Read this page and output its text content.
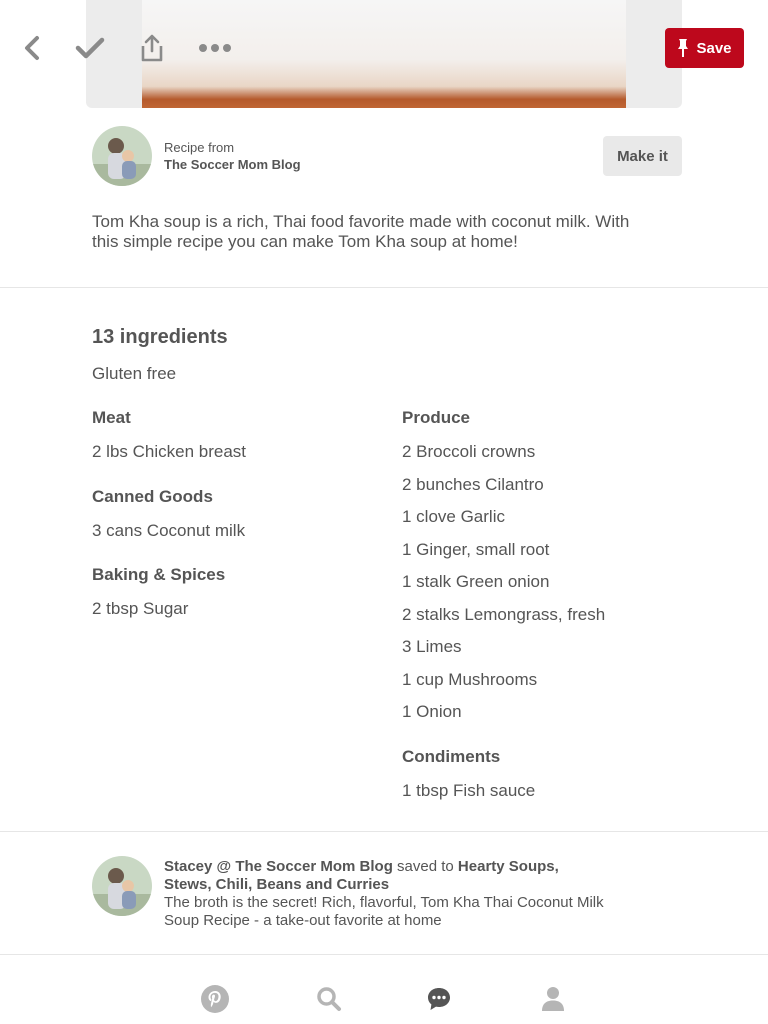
Save
Recipe from
The Soccer Mom Blog	Make it
Tom Kha soup is a rich, Thai food favorite made with coconut milk. With this simple recipe you can make Tom Kha soup at home!
13 ingredients
Gluten free
Meat
2 lbs Chicken breast
Canned Goods
3 cans Coconut milk
Baking & Spices
2 tbsp Sugar
Produce
2 Broccoli crowns
2 bunches Cilantro
1 clove Garlic
1 Ginger, small root
1 stalk Green onion
2 stalks Lemongrass, fresh
3 Limes
1 cup Mushrooms
1 Onion
Condiments
1 tbsp Fish sauce
Stacey @ The Soccer Mom Blog saved to Hearty Soups, Stews, Chili, Beans and Curries
The broth is the secret! Rich, flavorful, Tom Kha Thai Coconut Milk Soup Recipe - a take-out favorite at home
